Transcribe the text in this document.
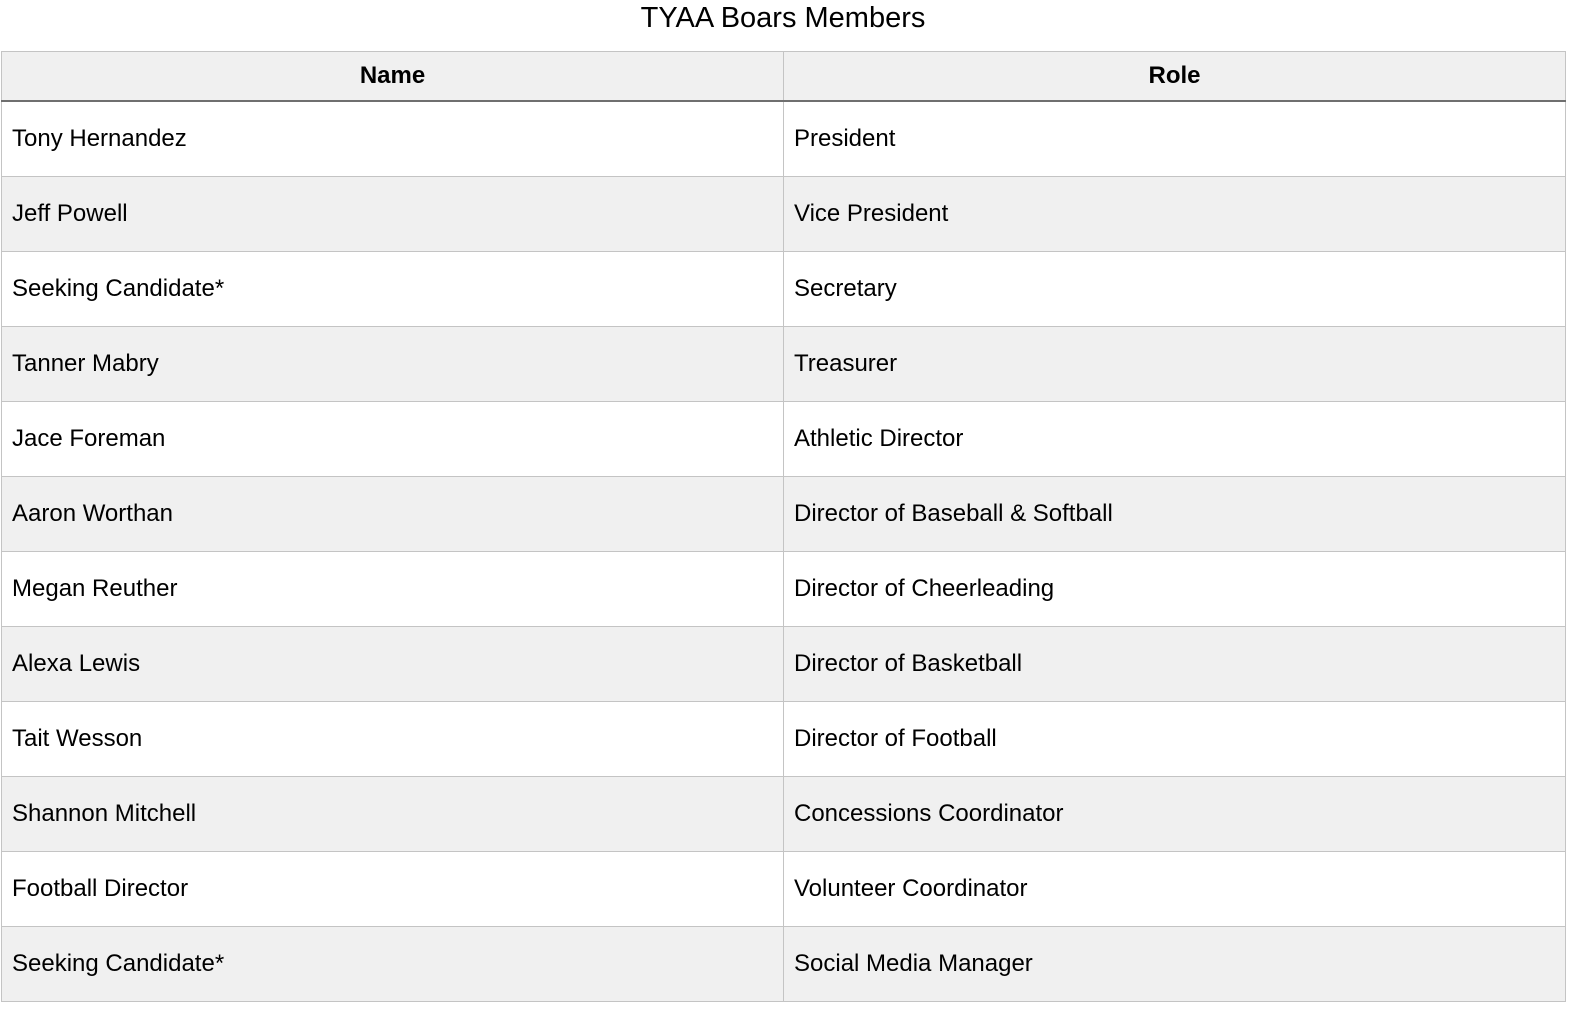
TYAA Boars Members
Name	Role
Tony Hernandez	President
Jeff Powell	Vice President
Seeking Candidate*	Secretary
Tanner Mabry	Treasurer
Jace Foreman	Athletic Director
Aaron Worthan	Director of Baseball & Softball
Megan Reuther	Director of Cheerleading
Alexa Lewis	Director of Basketball
Tait Wesson	Director of Football
Shannon Mitchell	Concessions Coordinator
Football Director	Volunteer Coordinator
Seeking Candidate*	Social Media Manager
